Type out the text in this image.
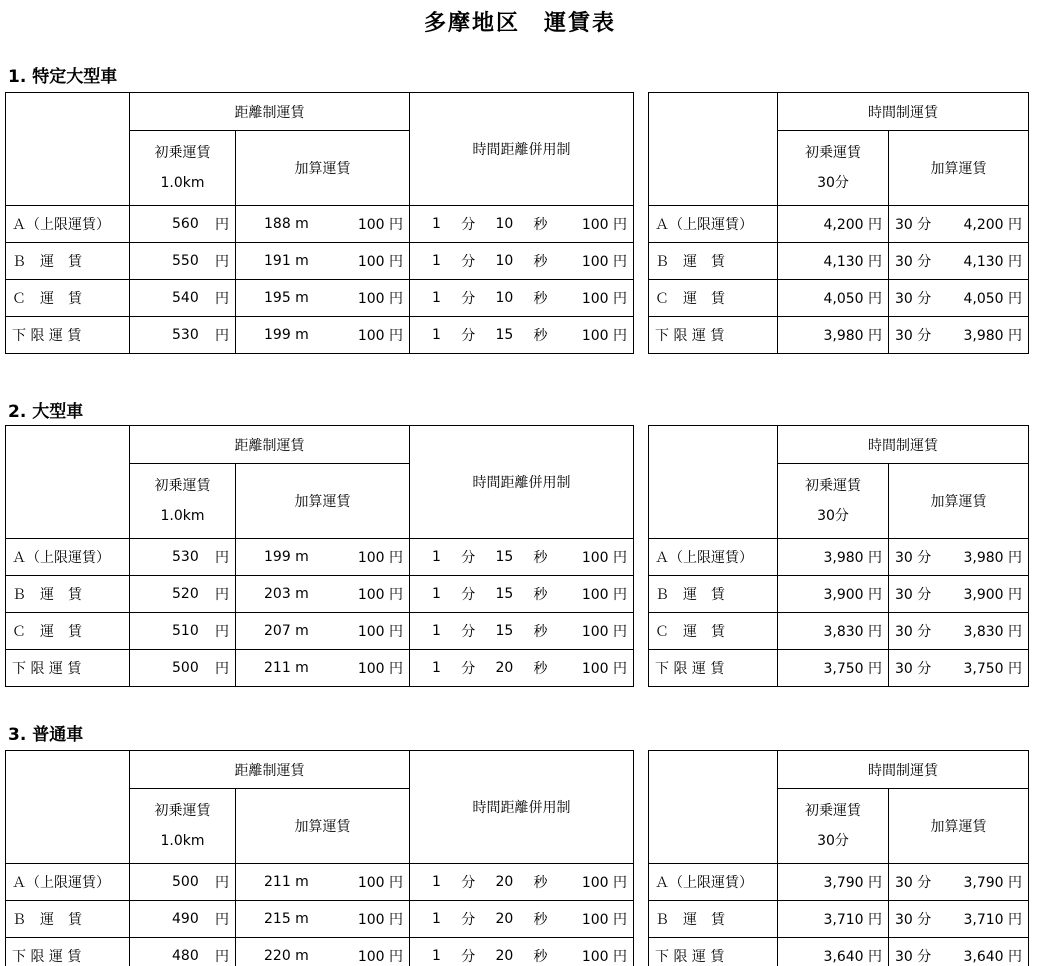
多摩地区　運賃表
1. 特定大型車
	距離制運賃		時間距離併用制

	初乗運賃
1.0km	加算運賃	

Ａ（上限運賃）	560 円	188 m 100 円	1 分 10 秒 100 円

Ｂ　運　賃	550 円	191 m 100 円	1 分 10 秒 100 円

Ｃ　運　賃	540 円	195 m 100 円	1 分 10 秒 100 円

下 限 運 賃	530 円	199 m 100 円	1 分 15 秒 100 円
	時間制運賃	

	初乗運賃
30分	加算運賃

Ａ（上限運賃）	4,200 円	30 分 4,200 円

Ｂ　運　賃	4,130 円	30 分 4,130 円

Ｃ　運　賃	4,050 円	30 分 4,050 円

下 限 運 賃	3,980 円	30 分 3,980 円
2. 大型車
	距離制運賃		時間距離併用制

	初乗運賃
1.0km	加算運賃	

Ａ（上限運賃）	530 円	199 m 100 円	1 分 15 秒 100 円

Ｂ　運　賃	520 円	203 m 100 円	1 分 15 秒 100 円

Ｃ　運　賃	510 円	207 m 100 円	1 分 15 秒 100 円

下 限 運 賃	500 円	211 m 100 円	1 分 20 秒 100 円
	時間制運賃	

	初乗運賃
30分	加算運賃

Ａ（上限運賃）	3,980 円	30 分 3,980 円

Ｂ　運　賃	3,900 円	30 分 3,900 円

Ｃ　運　賃	3,830 円	30 分 3,830 円

下 限 運 賃	3,750 円	30 分 3,750 円
3. 普通車
	距離制運賃		時間距離併用制

	初乗運賃
1.0km	加算運賃	

Ａ（上限運賃）	500 円	211 m 100 円	1 分 20 秒 100 円

Ｂ　運　賃	490 円	215 m 100 円	1 分 20 秒 100 円

下 限 運 賃	480 円	220 m 100 円	1 分 20 秒 100 円
	時間制運賃	

	初乗運賃
30分	加算運賃

Ａ（上限運賃）	3,790 円	30 分 3,790 円

Ｂ　運　賃	3,710 円	30 分 3,710 円

下 限 運 賃	3,640 円	30 分 3,640 円
